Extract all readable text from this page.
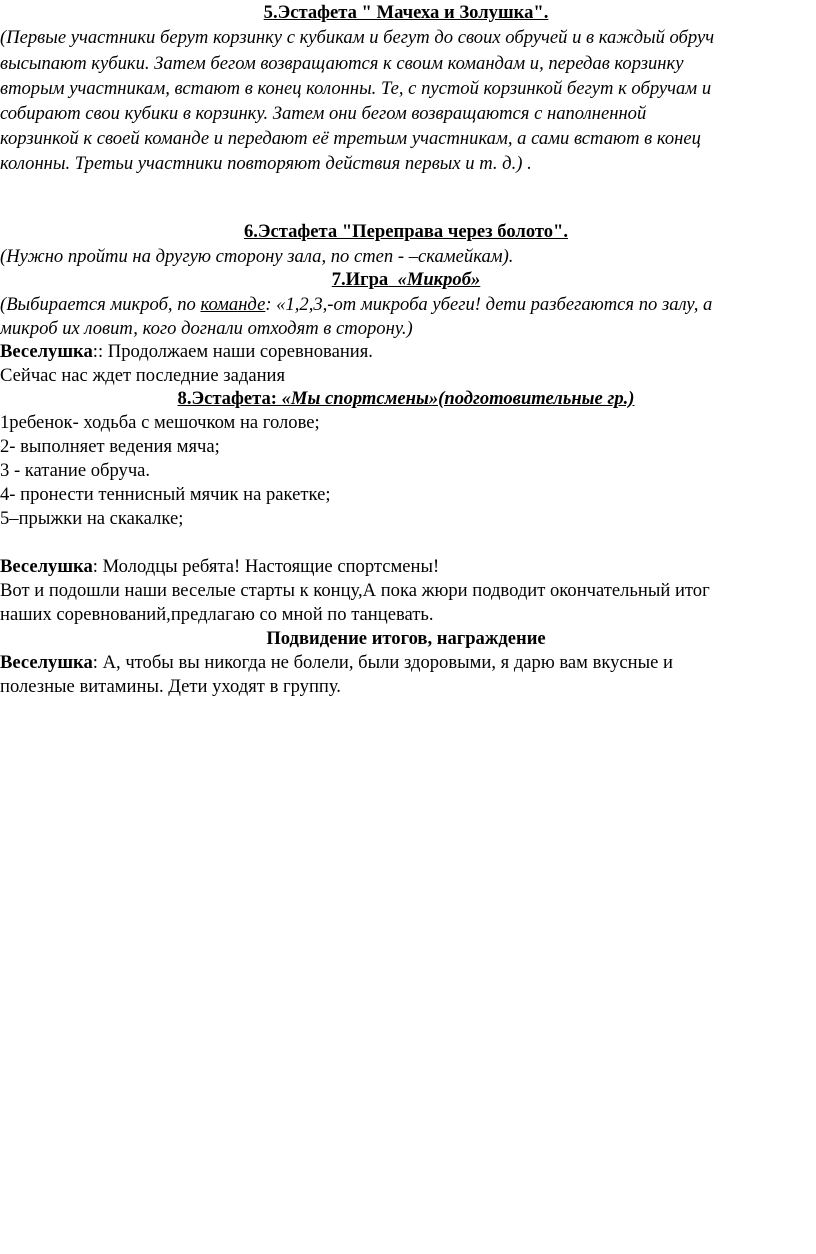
5.Эстафета " Мачеха и Золушка".
(Первые участники берут корзинку с кубикам и бегут до своих обручей и в каждый обруч
высыпают кубики. Затем бегом возвращаются к своим командам и, передав корзинку
вторым участникам, встают в конец колонны. Те, с пустой корзинкой бегут к обручам и
собирают свои кубики в корзинку. Затем они бегом возвращаются с наполненной
корзинкой к своей команде и передают её третьим участникам, а сами встают в конец
колонны. Третьи участники повторяют действия первых и т. д.) .
6.Эстафета "Переправа через болото".
(Нужно пройти на другую сторону зала, по степ - –скамейкам).
7.Игра «Микроб»
(Выбирается микроб, по команде: «1,2,3,-от микроба убеги! дети разбегаются по залу, а
микроб их ловит, кого догнали отходят в сторону.)
Веселушка:: Продолжаем наши соревнования.
Сейчас нас ждет последние задания
8.Эстафета: «Мы спортсмены»(подготовительные гр.)
1ребенок- ходьба с мешочком на голове;
2- выполняет ведения мяча;
3 - катание обруча.
4- пронести теннисный мячик на ракетке;
5–прыжки на скакалке;
Веселушка: Молодцы ребята! Настоящие спортсмены!
Вот и подошли наши веселые старты к концу,А пока жюри подводит окончательный итог
наших соревнований,предлагаю со мной по танцевать.
Подвидение итогов, награждение
Веселушка: А, чтобы вы никогда не болели, были здоровыми, я дарю вам вкусные и
полезные витамины. Дети уходят в группу.
